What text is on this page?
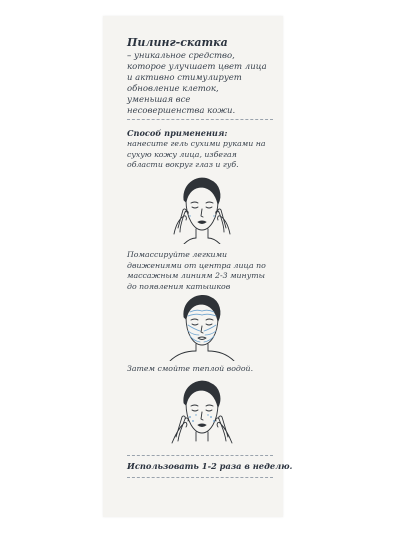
Пилинг-скатка
– уникальное средство, которое улучшает цвет лица и активно стимулирует обновление клеток, уменьшая все несовершенства кожи.
Способ применения:
нанесите гель сухими руками на сухую кожу лица, избегая области вокруг глаз и губ.
Помассируйте легкими движениями от центра лица по массажным линиям 2-3 минуты до появления катышков
Затем смойте теплой водой.
Использовать 1-2 раза в неделю.
